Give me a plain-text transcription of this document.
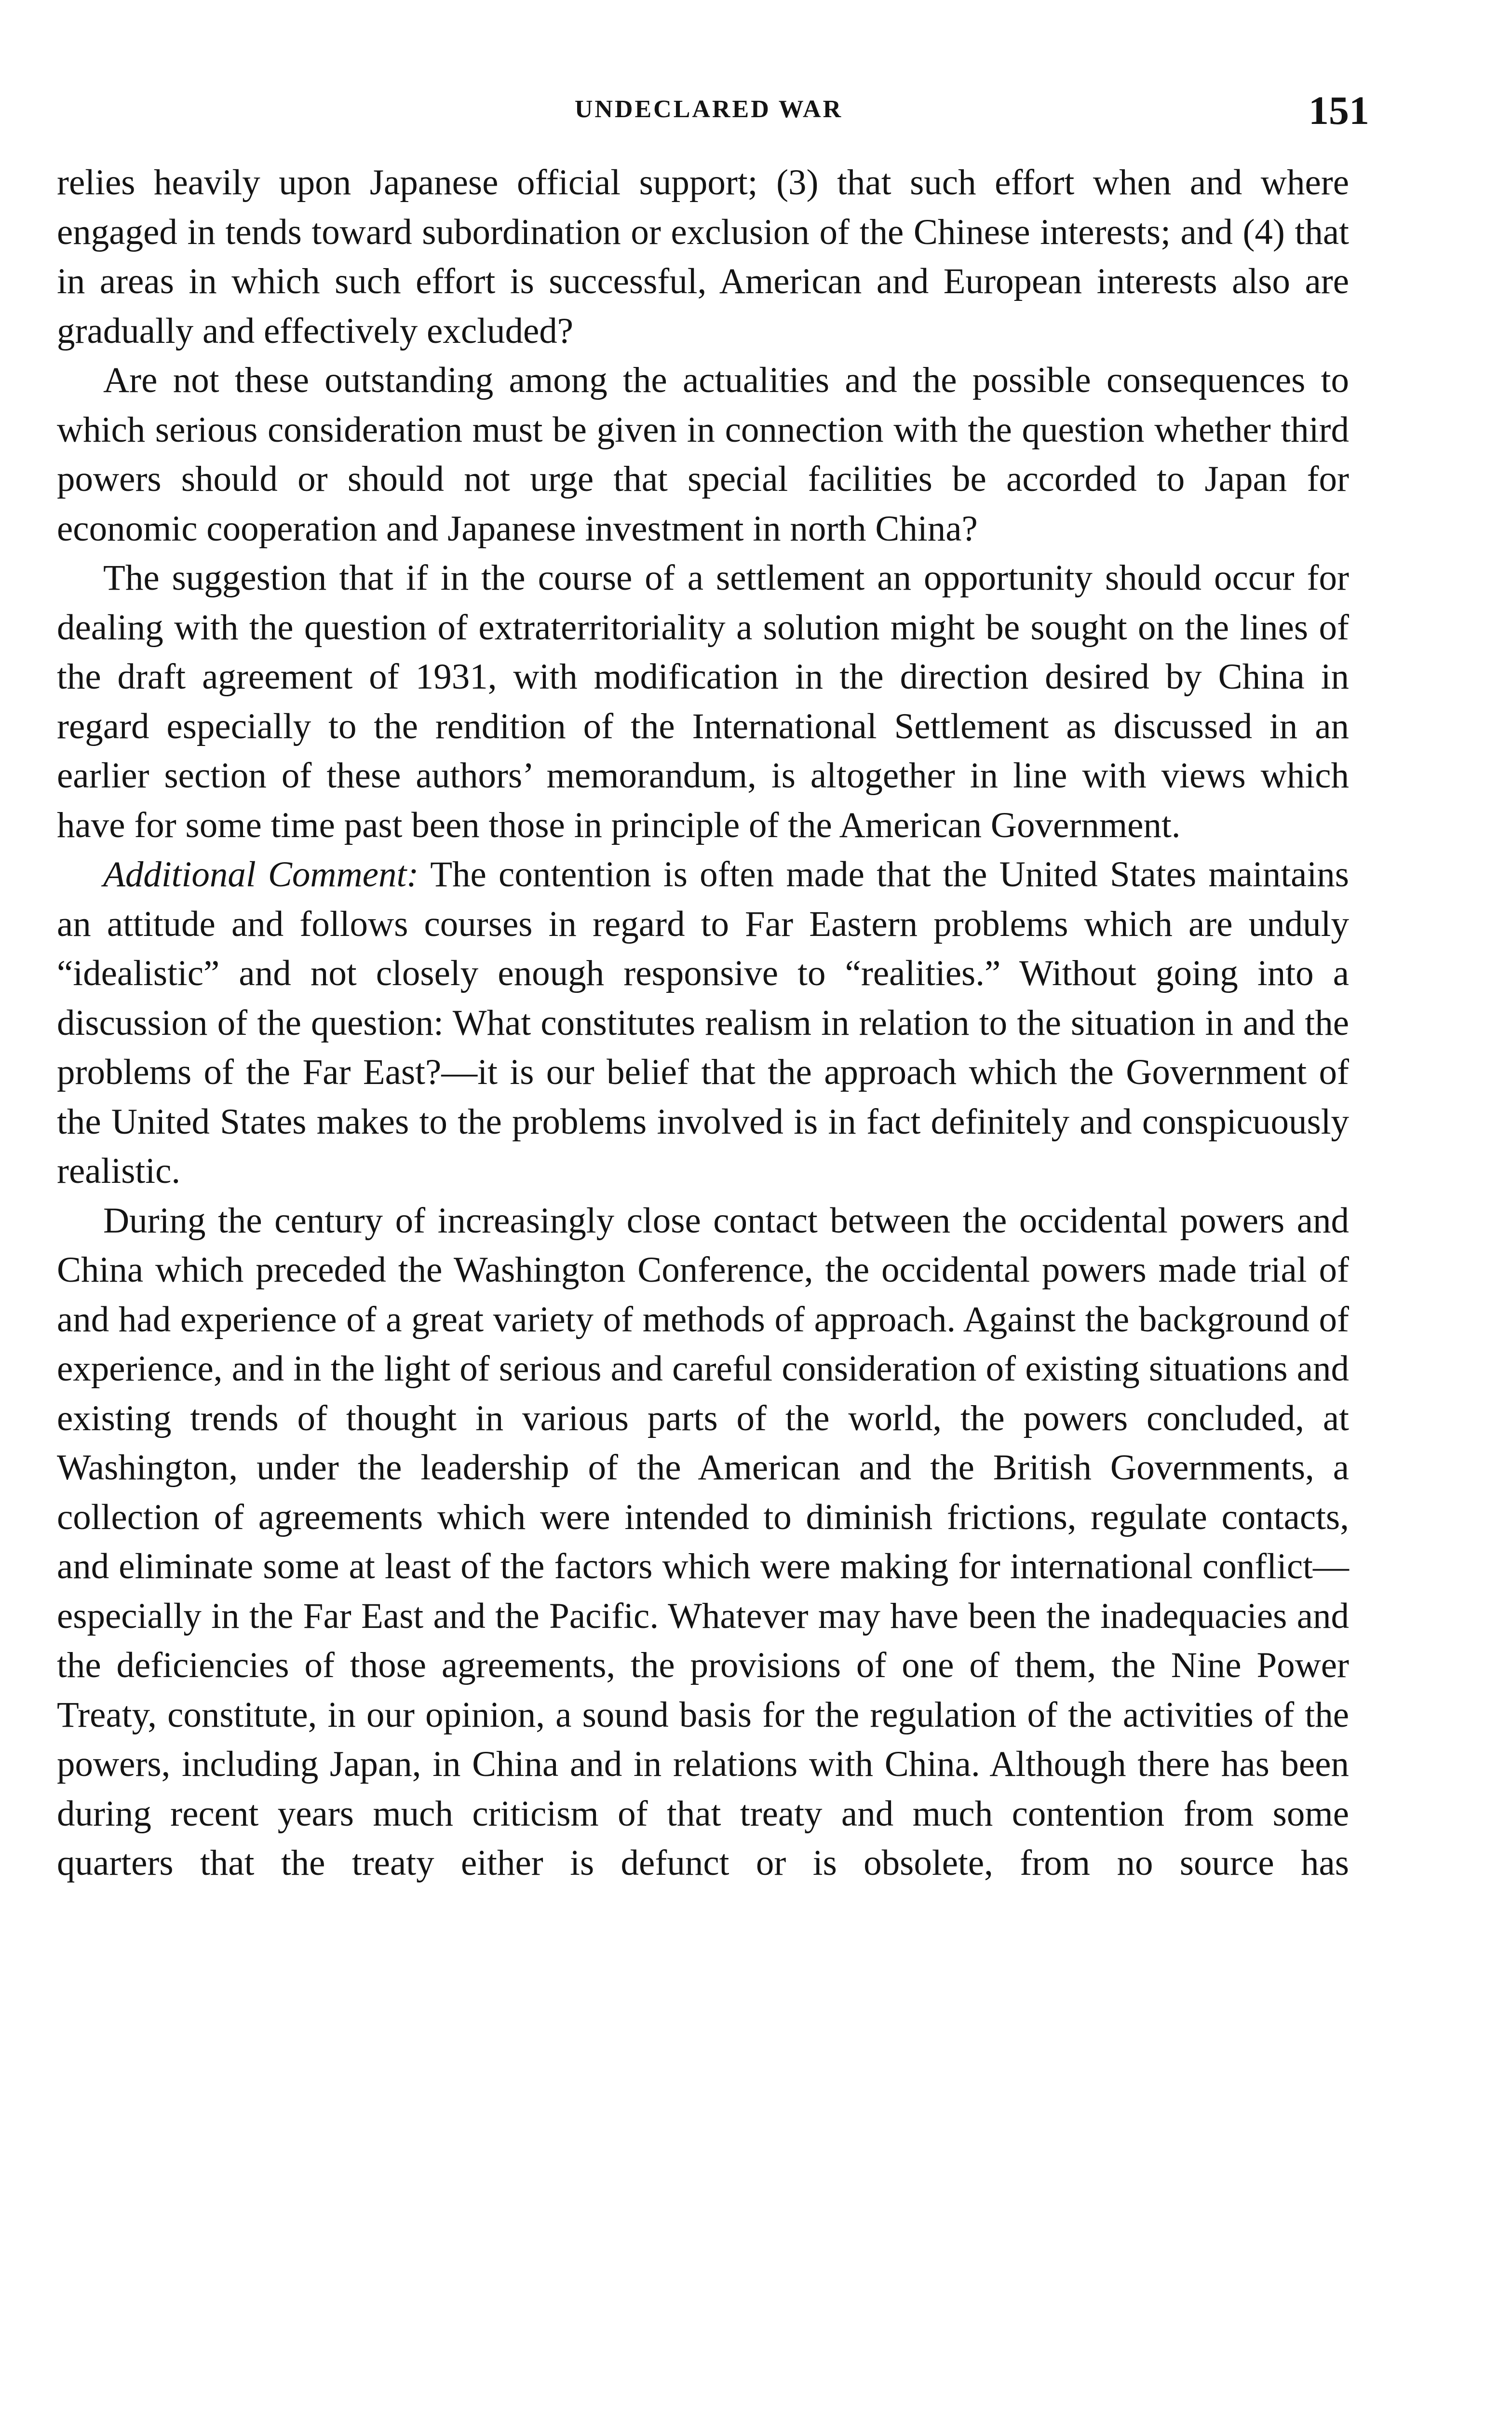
UNDECLARED WAR	151

relies heavily upon Japanese official support; (3) that such effort when and where engaged in tends toward subordination or exclusion of the Chinese interests; and (4) that in areas in which such effort is successful, American and European interests also are gradually and effectively excluded?

Are not these outstanding among the actualities and the possible consequences to which serious consideration must be given in connection with the question whether third powers should or should not urge that special facilities be accorded to Japan for economic cooperation and Japanese investment in north China?

The suggestion that if in the course of a settlement an opportunity should occur for dealing with the question of extraterritoriality a solution might be sought on the lines of the draft agreement of 1931, with modification in the direction desired by China in regard especially to the rendition of the International Settlement as discussed in an earlier section of these authors’ memorandum, is altogether in line with views which have for some time past been those in principle of the American Government.

Additional Comment: The contention is often made that the United States maintains an attitude and follows courses in regard to Far Eastern problems which are unduly “idealistic” and not closely enough responsive to “realities.” Without going into a discussion of the question: What constitutes realism in relation to the situation in and the problems of the Far East?—it is our belief that the approach which the Government of the United States makes to the problems involved is in fact definitely and conspicuously realistic.

During the century of increasingly close contact between the occidental powers and China which preceded the Washington Conference, the occidental powers made trial of and had experience of a great variety of methods of approach. Against the background of experience, and in the light of serious and careful consideration of existing situations and existing trends of thought in various parts of the world, the powers concluded, at Washington, under the leadership of the American and the British Governments, a collection of agreements which were intended to diminish frictions, regulate contacts, and eliminate some at least of the factors which were making for international conflict—especially in the Far East and the Pacific. Whatever may have been the inadequacies and the deficiencies of those agreements, the provisions of one of them, the Nine Power Treaty, constitute, in our opinion, a sound basis for the regulation of the activities of the powers, including Japan, in China and in relations with China. Although there has been during recent years much criticism of that treaty and much contention from some quarters that the treaty either is defunct or is obsolete, from no source has
